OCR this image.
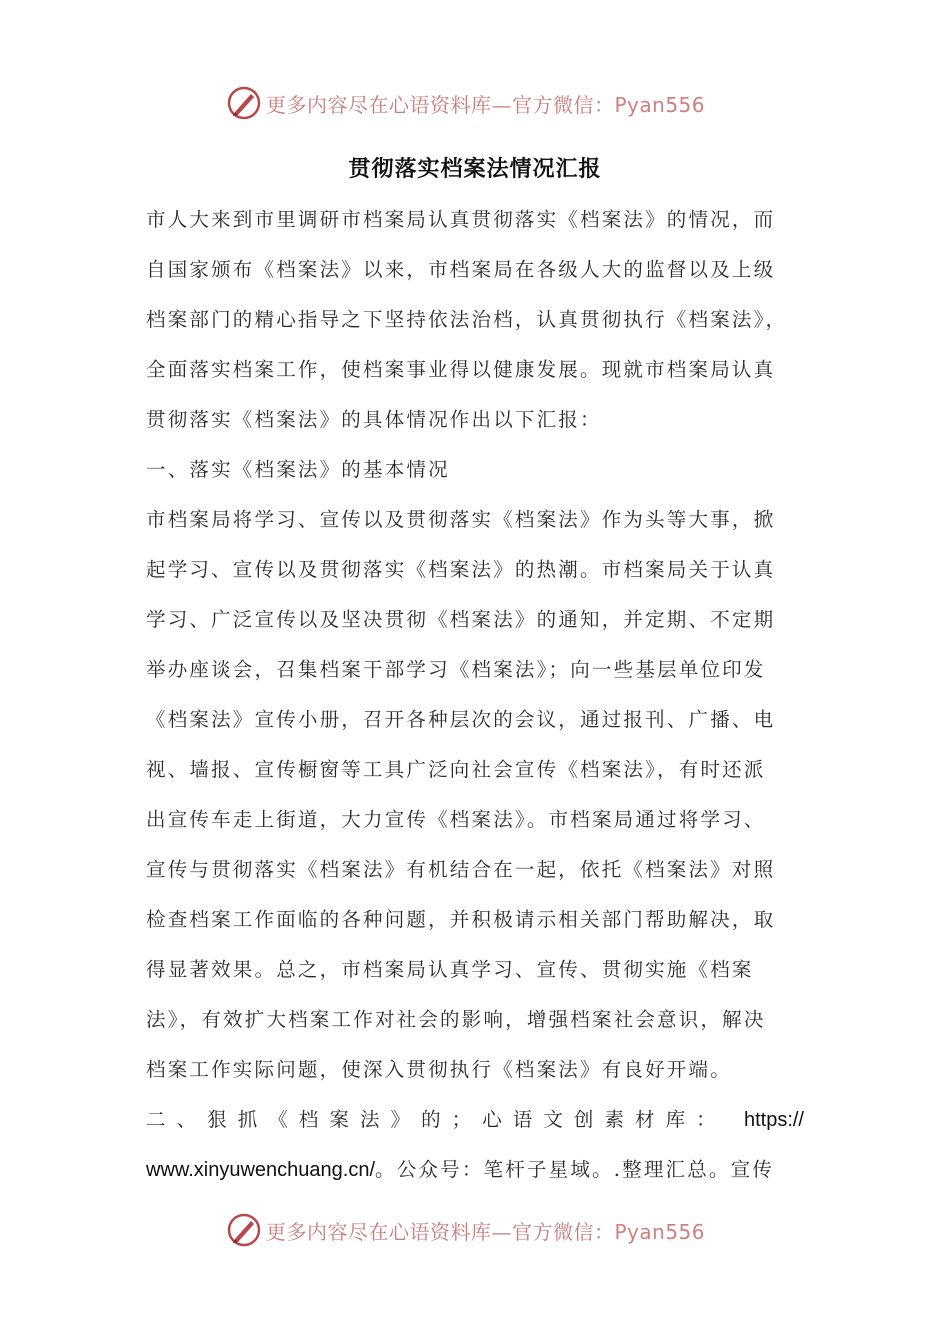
更多内容尽在心语资料库—官方微信：Pyan556
贯彻落实档案法情况汇报
市人大来到市里调研市档案局认真贯彻落实《档案法》的情况，而
自国家颁布《档案法》以来，市档案局在各级人大的监督以及上级
档案部门的精心指导之下坚持依法治档，认真贯彻执行《档案法》，
全面落实档案工作，使档案事业得以健康发展。现就市档案局认真
贯彻落实《档案法》的具体情况作出以下汇报：
一、落实《档案法》的基本情况
市档案局将学习、宣传以及贯彻落实《档案法》作为头等大事，掀
起学习、宣传以及贯彻落实《档案法》的热潮。市档案局关于认真
学习、广泛宣传以及坚决贯彻《档案法》的通知，并定期、不定期
举办座谈会，召集档案干部学习《档案法》；向一些基层单位印发
《档案法》宣传小册，召开各种层次的会议，通过报刊、广播、电
视、墙报、宣传橱窗等工具广泛向社会宣传《档案法》，有时还派
出宣传车走上街道，大力宣传《档案法》。市档案局通过将学习、
宣传与贯彻落实《档案法》有机结合在一起，依托《档案法》对照
检查档案工作面临的各种问题，并积极请示相关部门帮助解决，取
得显著效果。总之，市档案局认真学习、宣传、贯彻实施《档案
法》，有效扩大档案工作对社会的影响，增强档案社会意识，解决
档案工作实际问题，使深入贯彻执行《档案法》有良好开端。
二、狠抓《档案法》的；心语文创素材库： https://
www.xinyuwenchuang.cn/。公众号：笔杆子星域。.整理汇总。宣传
更多内容尽在心语资料库—官方微信：Pyan556
